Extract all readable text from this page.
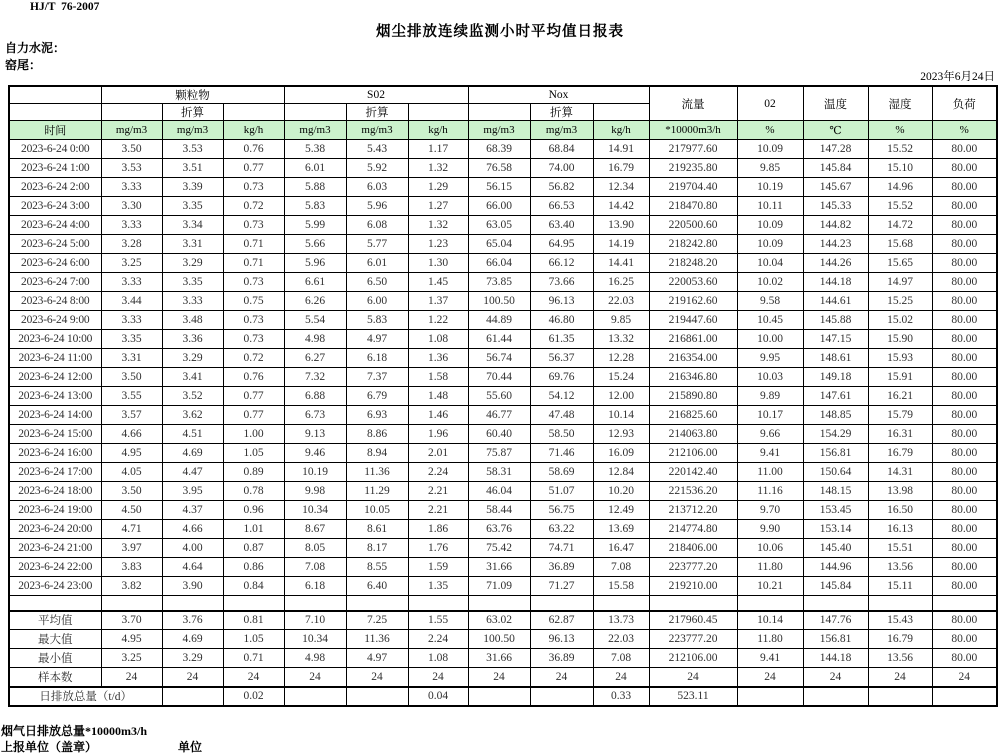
HJ/T  76-2007
烟尘排放连续监测小时平均值日报表
自力水泥：
窑尾：
2023年6月24日
	颗粒物			S02			Nox			流量	02	温度	湿度	负荷
		折算			折算			折算						
时间	mg/m3	mg/m3	kg/h	mg/m3	mg/m3	kg/h	mg/m3	mg/m3	kg/h	*10000m3/h	%	℃	%	%
2023-6-24 0:00	3.50	3.53	0.76	5.38	5.43	1.17	68.39	68.84	14.91	217977.60	10.09	147.28	15.52	80.00
2023-6-24 1:00	3.53	3.51	0.77	6.01	5.92	1.32	76.58	74.00	16.79	219235.80	9.85	145.84	15.10	80.00
2023-6-24 2:00	3.33	3.39	0.73	5.88	6.03	1.29	56.15	56.82	12.34	219704.40	10.19	145.67	14.96	80.00
2023-6-24 3:00	3.30	3.35	0.72	5.83	5.96	1.27	66.00	66.53	14.42	218470.80	10.11	145.33	15.52	80.00
2023-6-24 4:00	3.33	3.34	0.73	5.99	6.08	1.32	63.05	63.40	13.90	220500.60	10.09	144.82	14.72	80.00
2023-6-24 5:00	3.28	3.31	0.71	5.66	5.77	1.23	65.04	64.95	14.19	218242.80	10.09	144.23	15.68	80.00
2023-6-24 6:00	3.25	3.29	0.71	5.96	6.01	1.30	66.04	66.12	14.41	218248.20	10.04	144.26	15.65	80.00
2023-6-24 7:00	3.33	3.35	0.73	6.61	6.50	1.45	73.85	73.66	16.25	220053.60	10.02	144.18	14.97	80.00
2023-6-24 8:00	3.44	3.33	0.75	6.26	6.00	1.37	100.50	96.13	22.03	219162.60	9.58	144.61	15.25	80.00
2023-6-24 9:00	3.33	3.48	0.73	5.54	5.83	1.22	44.89	46.80	9.85	219447.60	10.45	145.88	15.02	80.00
2023-6-24 10:00	3.35	3.36	0.73	4.98	4.97	1.08	61.44	61.35	13.32	216861.00	10.00	147.15	15.90	80.00
2023-6-24 11:00	3.31	3.29	0.72	6.27	6.18	1.36	56.74	56.37	12.28	216354.00	9.95	148.61	15.93	80.00
2023-6-24 12:00	3.50	3.41	0.76	7.32	7.37	1.58	70.44	69.76	15.24	216346.80	10.03	149.18	15.91	80.00
2023-6-24 13:00	3.55	3.52	0.77	6.88	6.79	1.48	55.60	54.12	12.00	215890.80	9.89	147.61	16.21	80.00
2023-6-24 14:00	3.57	3.62	0.77	6.73	6.93	1.46	46.77	47.48	10.14	216825.60	10.17	148.85	15.79	80.00
2023-6-24 15:00	4.66	4.51	1.00	9.13	8.86	1.96	60.40	58.50	12.93	214063.80	9.66	154.29	16.31	80.00
2023-6-24 16:00	4.95	4.69	1.05	9.46	8.94	2.01	75.87	71.46	16.09	212106.00	9.41	156.81	16.79	80.00
2023-6-24 17:00	4.05	4.47	0.89	10.19	11.36	2.24	58.31	58.69	12.84	220142.40	11.00	150.64	14.31	80.00
2023-6-24 18:00	3.50	3.95	0.78	9.98	11.29	2.21	46.04	51.07	10.20	221536.20	11.16	148.15	13.98	80.00
2023-6-24 19:00	4.50	4.37	0.96	10.34	10.05	2.21	58.44	56.75	12.49	213712.20	9.70	153.45	16.50	80.00
2023-6-24 20:00	4.71	4.66	1.01	8.67	8.61	1.86	63.76	63.22	13.69	214774.80	9.90	153.14	16.13	80.00
2023-6-24 21:00	3.97	4.00	0.87	8.05	8.17	1.76	75.42	74.71	16.47	218406.00	10.06	145.40	15.51	80.00
2023-6-24 22:00	3.83	4.64	0.86	7.08	8.55	1.59	31.66	36.89	7.08	223777.20	11.80	144.96	13.56	80.00
2023-6-24 23:00	3.82	3.90	0.84	6.18	6.40	1.35	71.09	71.27	15.58	219210.00	10.21	145.84	15.11	80.00

平均值	3.70	3.76	0.81	7.10	7.25	1.55	63.02	62.87	13.73	217960.45	10.14	147.76	15.43	80.00
最大值	4.95	4.69	1.05	10.34	11.36	2.24	100.50	96.13	22.03	223777.20	11.80	156.81	16.79	80.00
最小值	3.25	3.29	0.71	4.98	4.97	1.08	31.66	36.89	7.08	212106.00	9.41	144.18	13.56	80.00
样本数	24	24	24	24	24	24	24	24	24	24	24	24	24	24
日排放总量（t/d）			0.02			0.04			0.33	523.11				
烟气日排放总量*10000m3/h
上报单位（盖章）	单位
